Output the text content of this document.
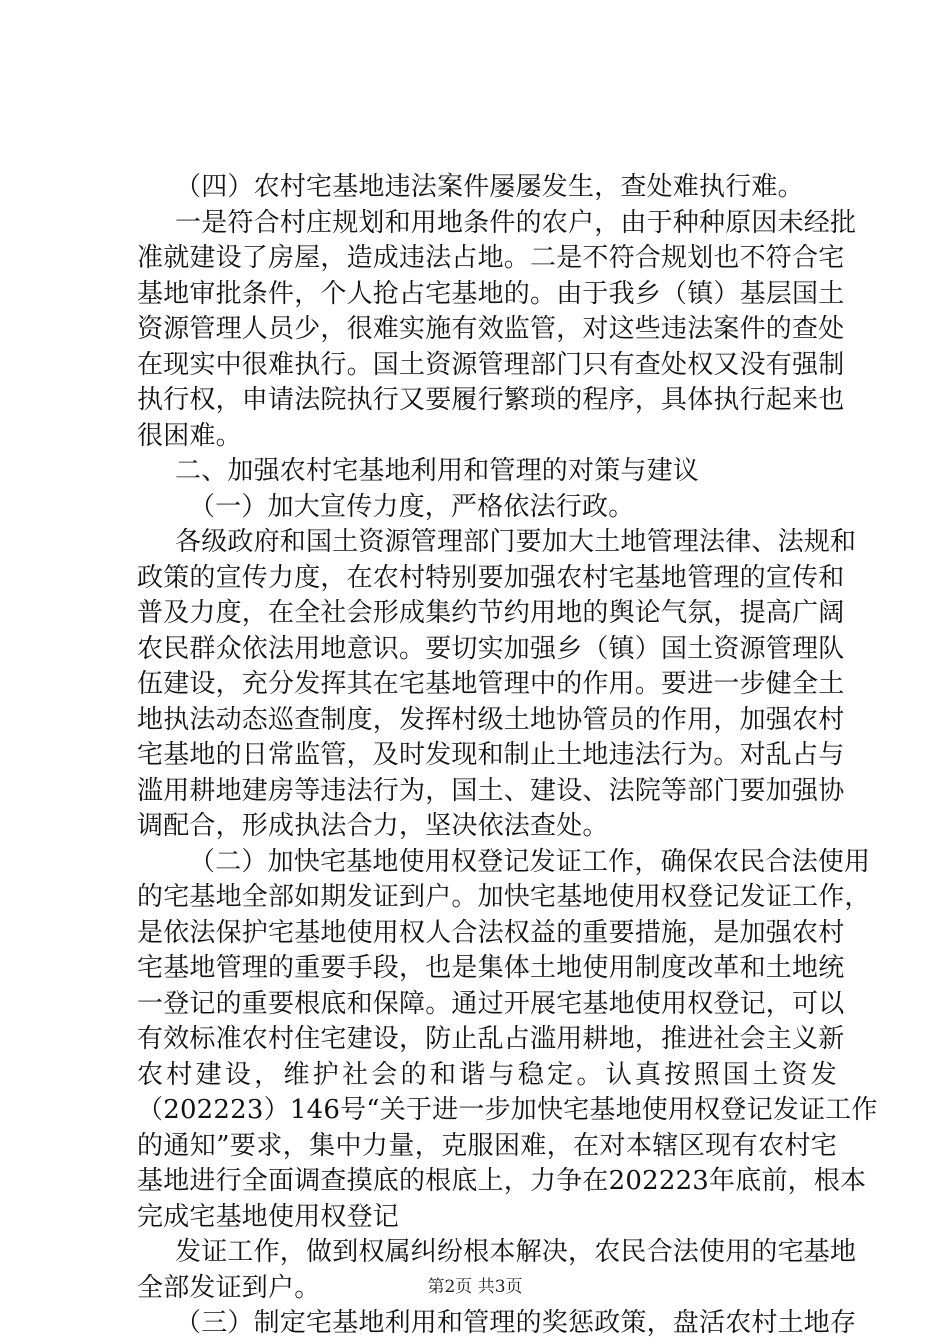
（四）农村宅基地违法案件屡屡发生，查处难执行难。
一是符合村庄规划和用地条件的农户，由于种种原因未经批
准就建设了房屋，造成违法占地。二是不符合规划也不符合宅
基地审批条件，个人抢占宅基地的。由于我乡（镇）基层国土
资源管理人员少，很难实施有效监管，对这些违法案件的查处
在现实中很难执行。国土资源管理部门只有查处权又没有强制
执行权，申请法院执行又要履行繁琐的程序，具体执行起来也
很困难。
二、加强农村宅基地利用和管理的对策与建议
（一）加大宣传力度，严格依法行政。
各级政府和国土资源管理部门要加大土地管理法律、法规和
政策的宣传力度，在农村特别要加强农村宅基地管理的宣传和
普及力度，在全社会形成集约节约用地的舆论气氛，提高广阔
农民群众依法用地意识。要切实加强乡（镇）国土资源管理队
伍建设，充分发挥其在宅基地管理中的作用。要进一步健全土
地执法动态巡查制度，发挥村级土地协管员的作用，加强农村
宅基地的日常监管，及时发现和制止土地违法行为。对乱占与
滥用耕地建房等违法行为，国土、建设、法院等部门要加强协
调配合，形成执法合力，坚决依法查处。
（二）加快宅基地使用权登记发证工作，确保农民合法使用
的宅基地全部如期发证到户。加快宅基地使用权登记发证工作，
是依法保护宅基地使用权人合法权益的重要措施，是加强农村
宅基地管理的重要手段，也是集体土地使用制度改革和土地统
一登记的重要根底和保障。通过开展宅基地使用权登记，可以
有效标准农村住宅建设，防止乱占滥用耕地，推进社会主义新
农村建设，维护社会的和谐与稳定。认真按照国土资发
（202223）146号“关于进一步加快宅基地使用权登记发证工作
的通知”要求，集中力量，克服困难，在对本辖区现有农村宅
基地进行全面调查摸底的根底上，力争在202223年底前，根本
完成宅基地使用权登记
发证工作，做到权属纠纷根本解决，农民合法使用的宅基地
全部发证到户。
（三）制定宅基地利用和管理的奖惩政策，盘活农村土地存
第2页 共3页
